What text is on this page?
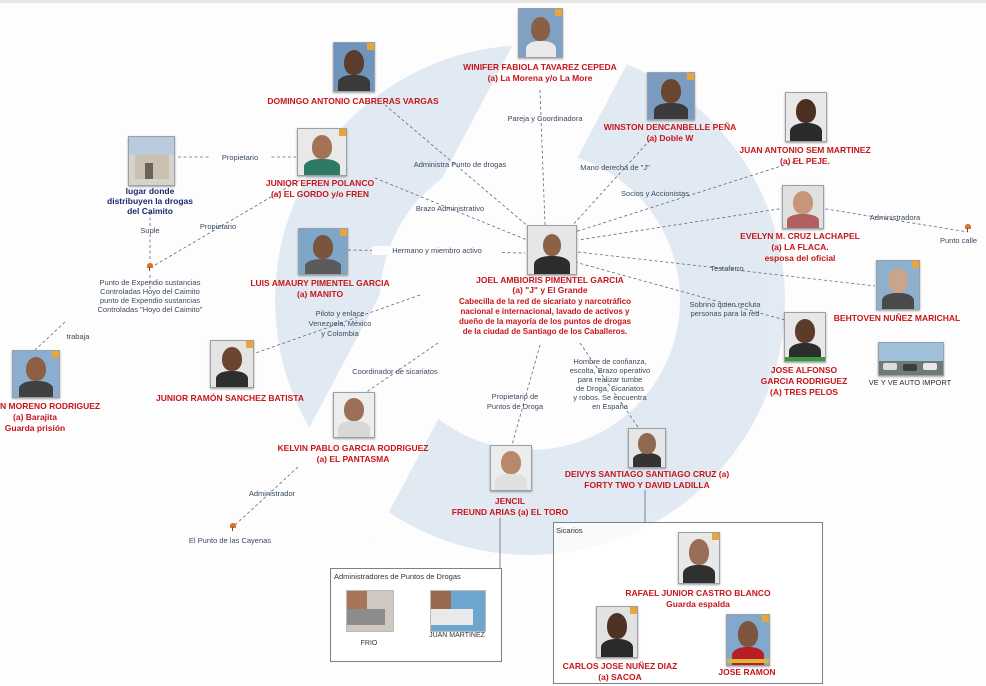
JOEL AMBIORIS PIMENTEL GARCIA
(a) "J" y El Grande
Cabecilla de la red de sicariato y narcotráfico
nacional e internacional, lavado de activos y
dueño de la mayoría de los puntos de drogas
de la ciudad de Santiago de los Caballeros.
WINIFER FABIOLA TAVAREZ CEPEDA
(a) La Morena y/o La More
DOMINGO ANTONIO CABRERAS VARGAS
WINSTON DENCANBELLE PEÑA
(a) Doble W
JUAN ANTONIO SEM MARTINEZ
(a) EL PEJE.
lugar donde
distribuyen la drogas
del Caimito
JUNIOR EFREN POLANCO
(a) EL GORDO y/o FREN
EVELYN M. CRUZ LACHAPEL
(a) LA FLACA.
esposa del oficial
LUIS AMAURY PIMENTEL GARCIA
(a) MANITO
BEHTOVEN NUÑEZ MARICHAL
VE Y VE AUTO IMPORT
JOSE ALFONSO
GARCIA RODRIGUEZ
(A) TRES PELOS
N MORENO RODRIGUEZ
(a) Barajita
Guarda prisión
JUNIOR RAMÓN SANCHEZ BATISTA
KELVIN PABLO GARCIA RODRIGUEZ
(a) EL PANTASMA
DEIVYS SANTIAGO SANTIAGO CRUZ (a)
FORTY TWO Y DAVID LADILLA
JENCIL
FREUND ARIAS (a) EL TORO
Administradores de Puntos de Drogas
FRIO
JUAN MARTINEZ
Sicarios
RAFAEL JUNIOR CASTRO BLANCO
Guarda espalda
CARLOS JOSE NUÑEZ DIAZ
(a) SACOA	JOSE RAMON
Punto de Expendio sustancias
Controladas Hoyo del Caimito
punto de Expendio sustancias
Controladas "Hoyo del Caimito"
El Punto de las Cayenas
Punto calle
Pareja y Coordinadora
Administra Punto de drogas	Mano derecha de "J"
Socios y Accionistas
Administradora
Propietario
Propietario
Suple
Brazo Administrativo
Hermano y miembro activo
Testaferro
Sobrino quien recluta
personas para la red
trabaja
Piloto y enlace
Venezuela, México
y Colombia
Coordinador de sicariatos
Hombre de confianza,
escolta, Brazo operativo
para realizar tumbe
de Droga, Sicariatos
y robos. Se encuentra
en España
Propietario de
Puntos de Droga
Administrador
